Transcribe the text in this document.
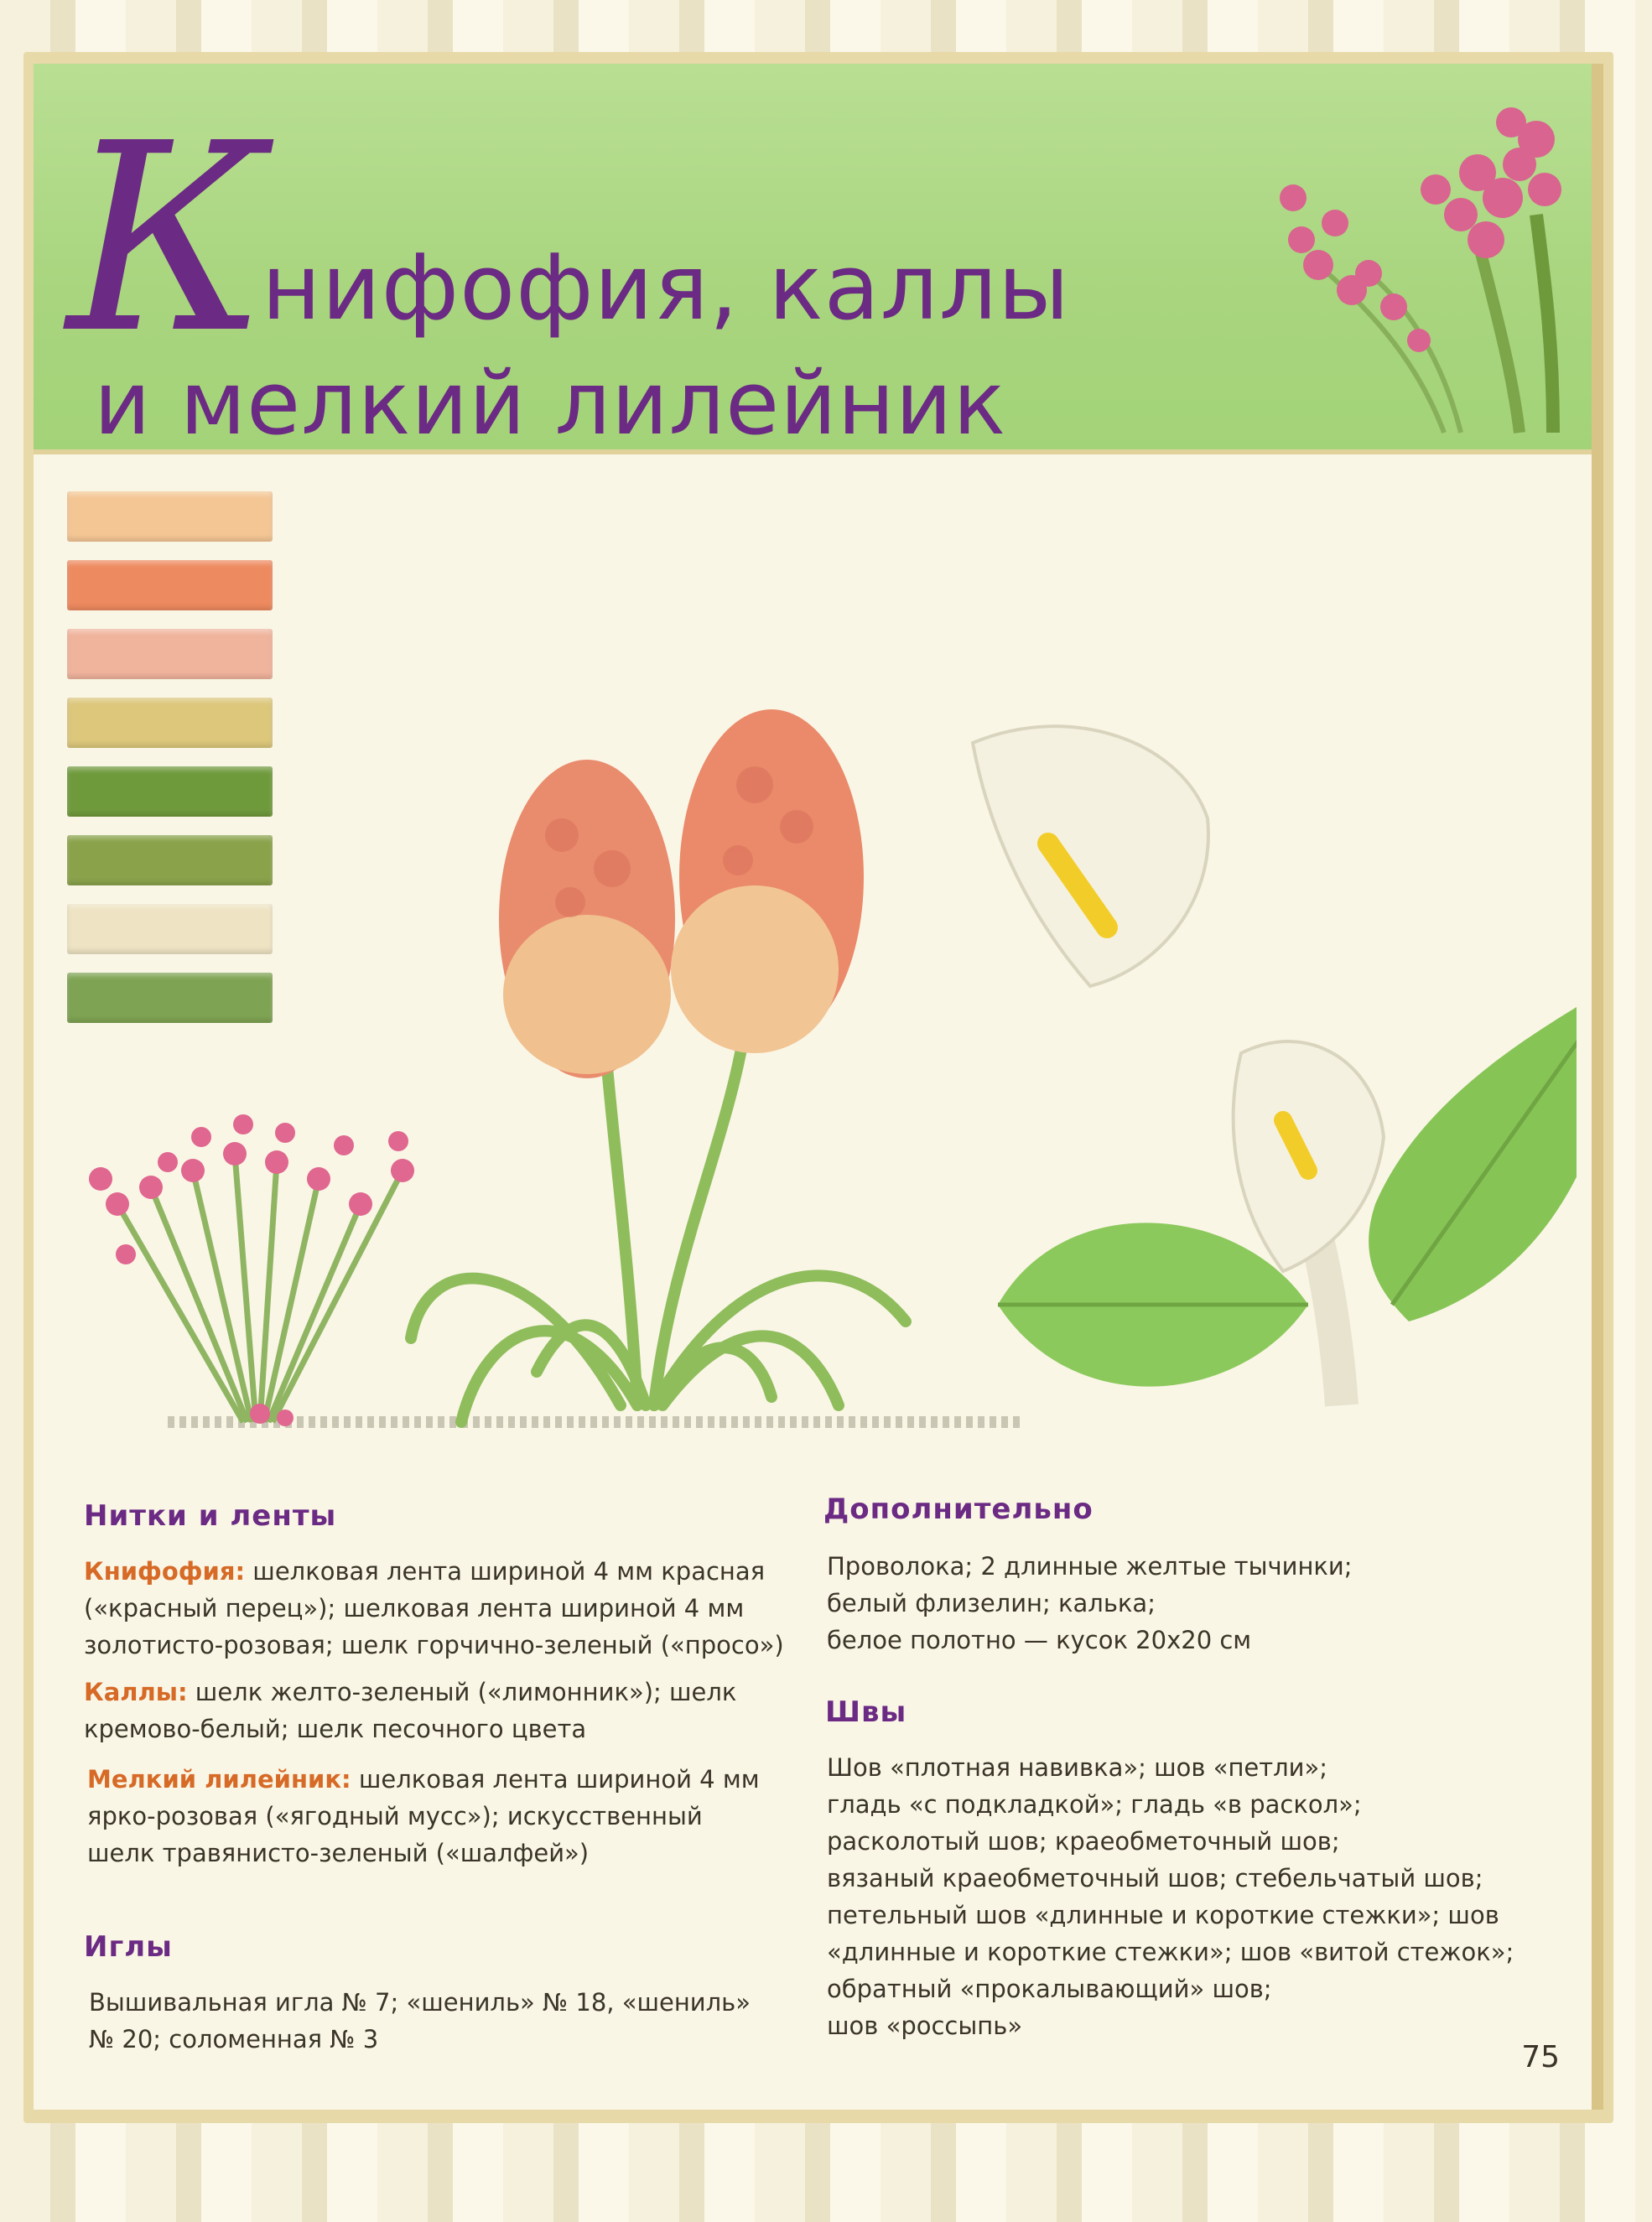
К нифофия, каллы
и мелкий лилейник
Нитки и ленты
Книфофия: шелковая лента шириной 4 мм красная
(«красный перец»); шелковая лента шириной 4 мм
золотисто-розовая; шелк горчично-зеленый («просо»)
Каллы: шелк желто-зеленый («лимонник»); шелк
кремово-белый; шелк песочного цвета
Мелкий лилейник: шелковая лента шириной 4 мм
ярко-розовая («ягодный мусс»); искусственный
шелк травянисто-зеленый («шалфей»)
Иглы
Вышивальная игла № 7; «шениль» № 18, «шениль»
№ 20; соломенная № 3
Дополнительно
Проволока; 2 длинные желтые тычинки;
белый флизелин; калька;
белое полотно — кусок 20х20 см
Швы
Шов «плотная навивка»; шов «петли»;
гладь «с подкладкой»; гладь «в раскол»;
расколотый шов; краеобметочный шов;
вязаный краеобметочный шов; стебельчатый шов;
петельный шов «длинные и короткие стежки»; шов
«длинные и короткие стежки»; шов «витой стежок»;
обратный «прокалывающий» шов;
шов «россыпь»
75
